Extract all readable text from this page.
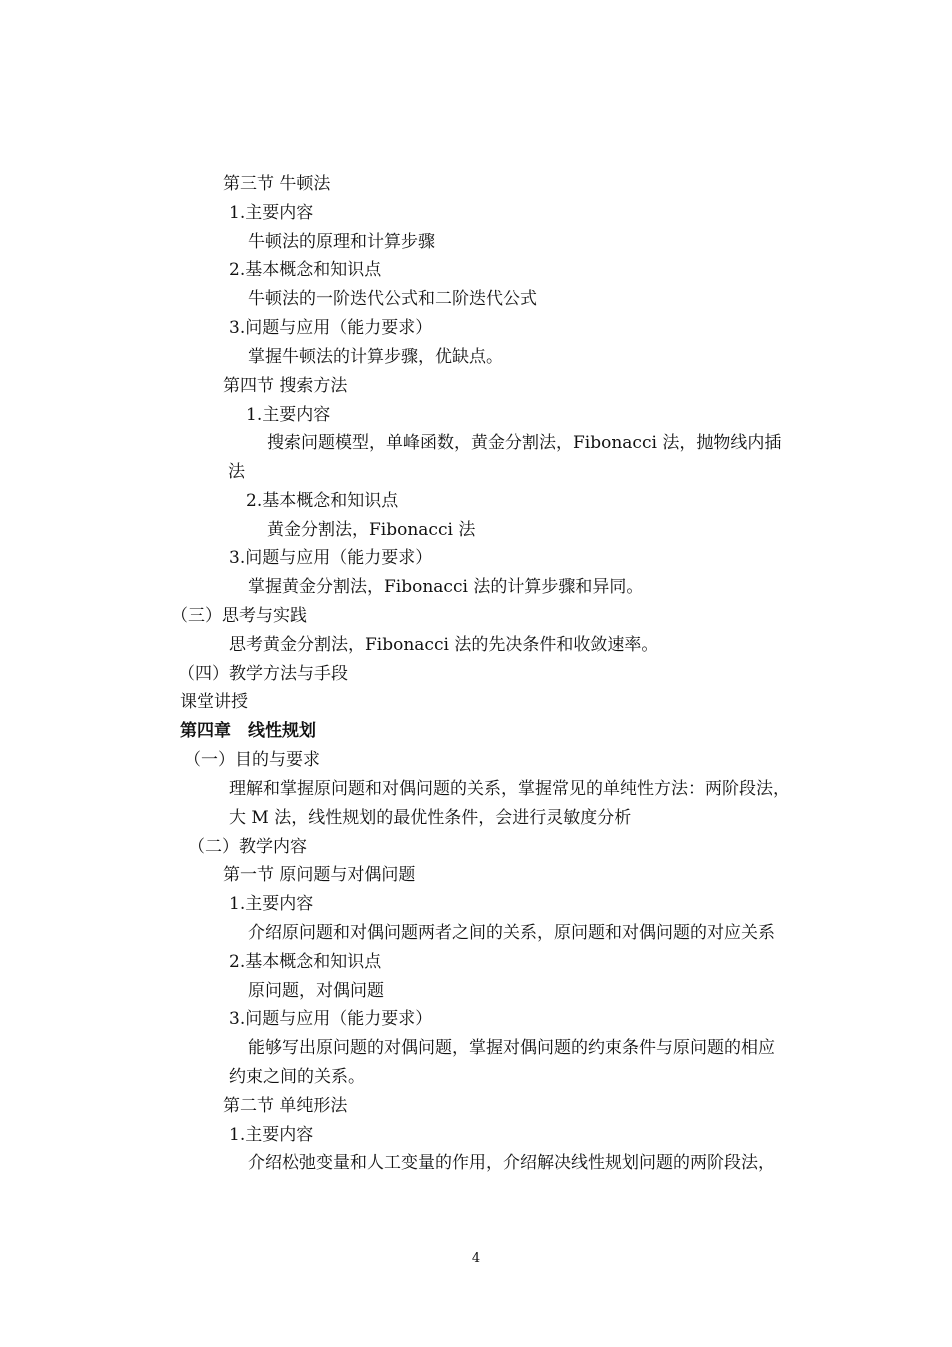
第三节 牛顿法
1.主要内容
牛顿法的原理和计算步骤
2.基本概念和知识点
牛顿法的一阶迭代公式和二阶迭代公式
3.问题与应用（能力要求）
掌握牛顿法的计算步骤，优缺点。
第四节 搜索方法
1.主要内容
搜索问题模型，单峰函数，黄金分割法，Fibonacci 法，抛物线内插
法
2.基本概念和知识点
黄金分割法，Fibonacci 法
3.问题与应用（能力要求）
掌握黄金分割法，Fibonacci 法的计算步骤和异同。
（三）思考与实践
思考黄金分割法，Fibonacci 法的先决条件和收敛速率。
（四）教学方法与手段
课堂讲授
第四章　线性规划
（一）目的与要求
理解和掌握原问题和对偶问题的关系，掌握常见的单纯性方法：两阶段法，
大 M 法，线性规划的最优性条件，会进行灵敏度分析
（二）教学内容
第一节 原问题与对偶问题
1.主要内容
介绍原问题和对偶问题两者之间的关系，原问题和对偶问题的对应关系
2.基本概念和知识点
原问题，对偶问题
3.问题与应用（能力要求）
能够写出原问题的对偶问题，掌握对偶问题的约束条件与原问题的相应
约束之间的关系。
第二节 单纯形法
1.主要内容
介绍松弛变量和人工变量的作用，介绍解决线性规划问题的两阶段法，
4
